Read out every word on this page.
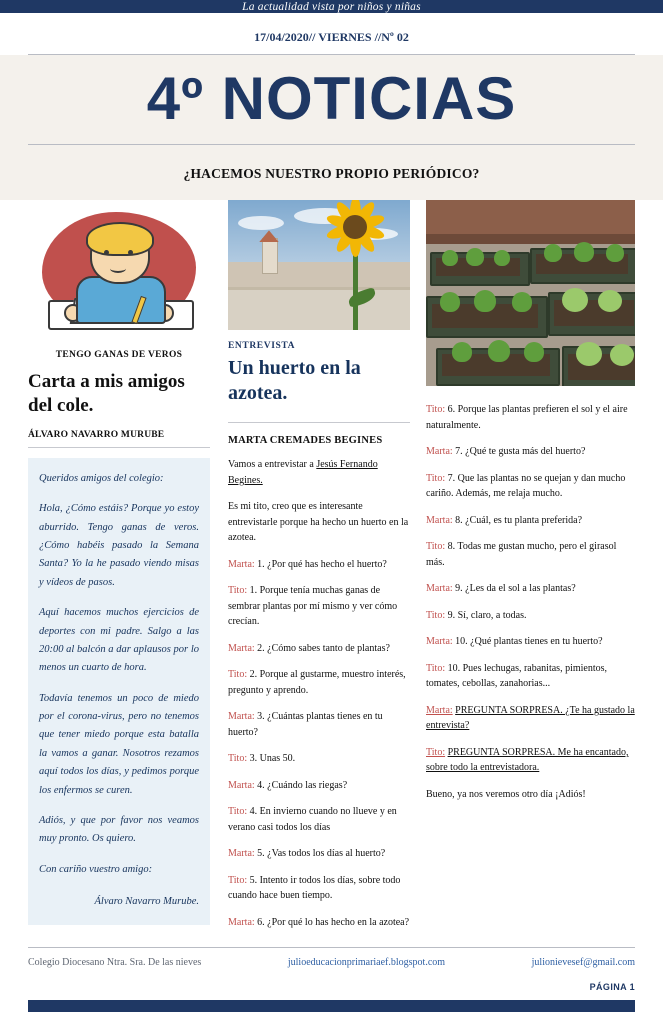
La actualidad vista por niños y niñas
17/04/2020// VIERNES //Nº 02
4º NOTICIAS
¿HACEMOS NUESTRO PROPIO PERIÓDICO?
TENGO GANAS DE VEROS
Carta a mis amigos del cole.
ÁLVARO NAVARRO MURUBE

Queridos amigos del colegio:

Hola, ¿Cómo estáis? Porque yo estoy aburrido. Tengo ganas de veros. ¿Cómo habéis pasado la Semana Santa? Yo la he pasado viendo misas y vídeos de pasos.

Aquí hacemos muchos ejercicios de deportes con mi padre. Salgo a las 20:00 al balcón a dar aplausos por lo menos un cuarto de hora.

Todavía tenemos un poco de miedo por el corona-virus, pero no tenemos que tener miedo porque esta batalla la vamos a ganar. Nosotros rezamos aquí todos los días, y pedimos porque los enfermos se curen.

Adiós, y que por favor nos veamos muy pronto. Os quiero.

Con cariño vuestro amigo:

Álvaro Navarro Murube.
ENTREVISTA
Un huerto en la azotea.
MARTA CREMADES BEGINES

Vamos a entrevistar a Jesús Fernando Begines.

Es mi tito, creo que es interesante entrevistarle porque ha hecho un huerto en la azotea.

Marta: 1. ¿Por qué has hecho el huerto?

Tito: 1. Porque tenía muchas ganas de sembrar plantas por mí mismo y ver cómo crecían.

Marta: 2. ¿Cómo sabes tanto de plantas?

Tito: 2. Porque al gustarme, muestro interés, pregunto y aprendo.

Marta: 3. ¿Cuántas plantas tienes en tu huerto?

Tito: 3. Unas 50.

Marta: 4. ¿Cuándo las riegas?

Tito: 4. En invierno cuando no llueve y en verano casi todos los días

Marta: 5. ¿Vas todos los días al huerto?

Tito: 5. Intento ir todos los días, sobre todo cuando hace buen tiempo.

Marta: 6. ¿Por qué lo has hecho en la azotea?

Tito: 6. Porque las plantas prefieren el sol y el aire naturalmente.

Marta: 7. ¿Qué te gusta más del huerto?

Tito: 7. Que las plantas no se quejan y dan mucho cariño. Además, me relaja mucho.

Marta: 8. ¿Cuál, es tu planta preferida?

Tito: 8. Todas me gustan mucho, pero el girasol más.

Marta: 9. ¿Les da el sol a las plantas?

Tito: 9. Sí, claro, a todas.

Marta: 10. ¿Qué plantas tienes en tu huerto?

Tito: 10. Pues lechugas, rabanitas, pimientos, tomates, cebollas, zanahorias...

Marta: PREGUNTA SORPRESA. ¿Te ha gustado la entrevista?

Tito: PREGUNTA SORPRESA. Me ha encantado, sobre todo la entrevistadora.

Bueno, ya nos veremos otro día ¡Adiós!

Colegio Diocesano Ntra. Sra. De las nieves	julioeducacionprimariaef.blogspot.com	julionievesef@gmail.com
PÁGINA 1
